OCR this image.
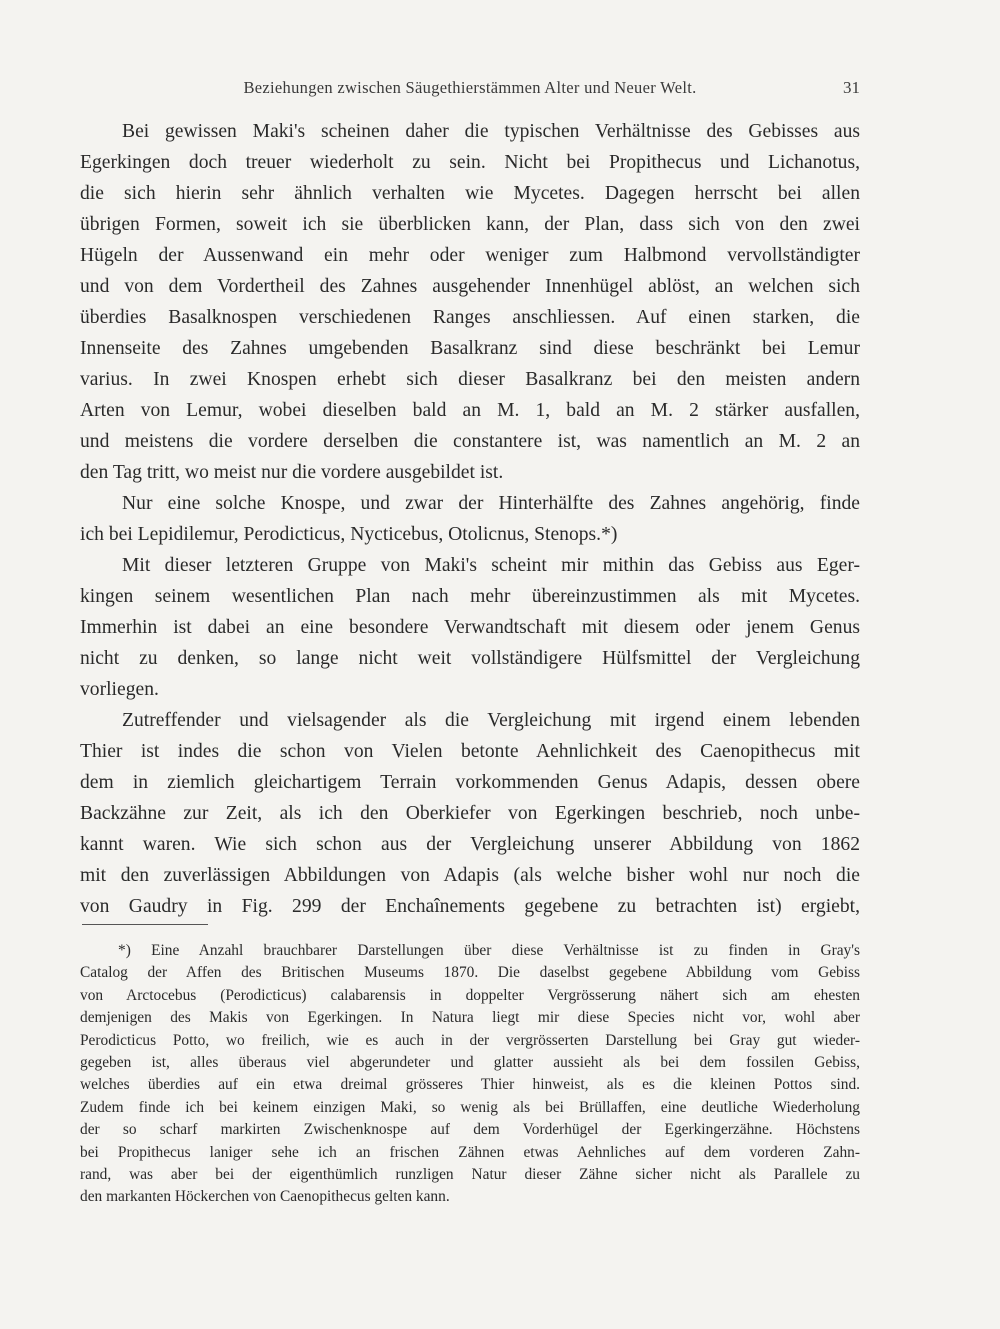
Beziehungen zwischen Säugethierstämmen Alter und Neuer Welt.	31
Bei gewissen Maki's scheinen daher die typischen Verhältnisse des Gebisses aus
Egerkingen doch treuer wiederholt zu sein. Nicht bei Propithecus und Lichanotus,
die sich hierin sehr ähnlich verhalten wie Mycetes. Dagegen herrscht bei allen
übrigen Formen, soweit ich sie überblicken kann, der Plan, dass sich von den zwei
Hügeln der Aussenwand ein mehr oder weniger zum Halbmond vervollständigter
und von dem Vordertheil des Zahnes ausgehender Innenhügel ablöst, an welchen sich
überdies Basalknospen verschiedenen Ranges anschliessen. Auf einen starken, die
Innenseite des Zahnes umgebenden Basalkranz sind diese beschränkt bei Lemur
varius. In zwei Knospen erhebt sich dieser Basalkranz bei den meisten andern
Arten von Lemur, wobei dieselben bald an M. 1, bald an M. 2 stärker ausfallen,
und meistens die vordere derselben die constantere ist, was namentlich an M. 2 an
den Tag tritt, wo meist nur die vordere ausgebildet ist.
Nur eine solche Knospe, und zwar der Hinterhälfte des Zahnes angehörig, finde
ich bei Lepidilemur, Perodicticus, Nycticebus, Otolicnus, Stenops.*)
Mit dieser letzteren Gruppe von Maki's scheint mir mithin das Gebiss aus Eger-
kingen seinem wesentlichen Plan nach mehr übereinzustimmen als mit Mycetes.
Immerhin ist dabei an eine besondere Verwandtschaft mit diesem oder jenem Genus
nicht zu denken, so lange nicht weit vollständigere Hülfsmittel der Vergleichung
vorliegen.
Zutreffender und vielsagender als die Vergleichung mit irgend einem lebenden
Thier ist indes die schon von Vielen betonte Aehnlichkeit des Caenopithecus mit
dem in ziemlich gleichartigem Terrain vorkommenden Genus Adapis, dessen obere
Backzähne zur Zeit, als ich den Oberkiefer von Egerkingen beschrieb, noch unbe-
kannt waren. Wie sich schon aus der Vergleichung unserer Abbildung von 1862
mit den zuverlässigen Abbildungen von Adapis (als welche bisher wohl nur noch die
von Gaudry in Fig. 299 der Enchaînements gegebene zu betrachten ist) ergiebt,
*) Eine Anzahl brauchbarer Darstellungen über diese Verhältnisse ist zu finden in Gray's
Catalog der Affen des Britischen Museums 1870. Die daselbst gegebene Abbildung vom Gebiss
von Arctocebus (Perodicticus) calabarensis in doppelter Vergrösserung nähert sich am ehesten
demjenigen des Makis von Egerkingen. In Natura liegt mir diese Species nicht vor, wohl aber
Perodicticus Potto, wo freilich, wie es auch in der vergrösserten Darstellung bei Gray gut wieder-
gegeben ist, alles überaus viel abgerundeter und glatter aussieht als bei dem fossilen Gebiss,
welches überdies auf ein etwa dreimal grösseres Thier hinweist, als es die kleinen Pottos sind.
Zudem finde ich bei keinem einzigen Maki, so wenig als bei Brüllaffen, eine deutliche Wiederholung
der so scharf markirten Zwischenknospe auf dem Vorderhügel der Egerkingerzähne. Höchstens
bei Propithecus laniger sehe ich an frischen Zähnen etwas Aehnliches auf dem vorderen Zahn-
rand, was aber bei der eigenthümlich runzligen Natur dieser Zähne sicher nicht als Parallele zu
den markanten Höckerchen von Caenopithecus gelten kann.
